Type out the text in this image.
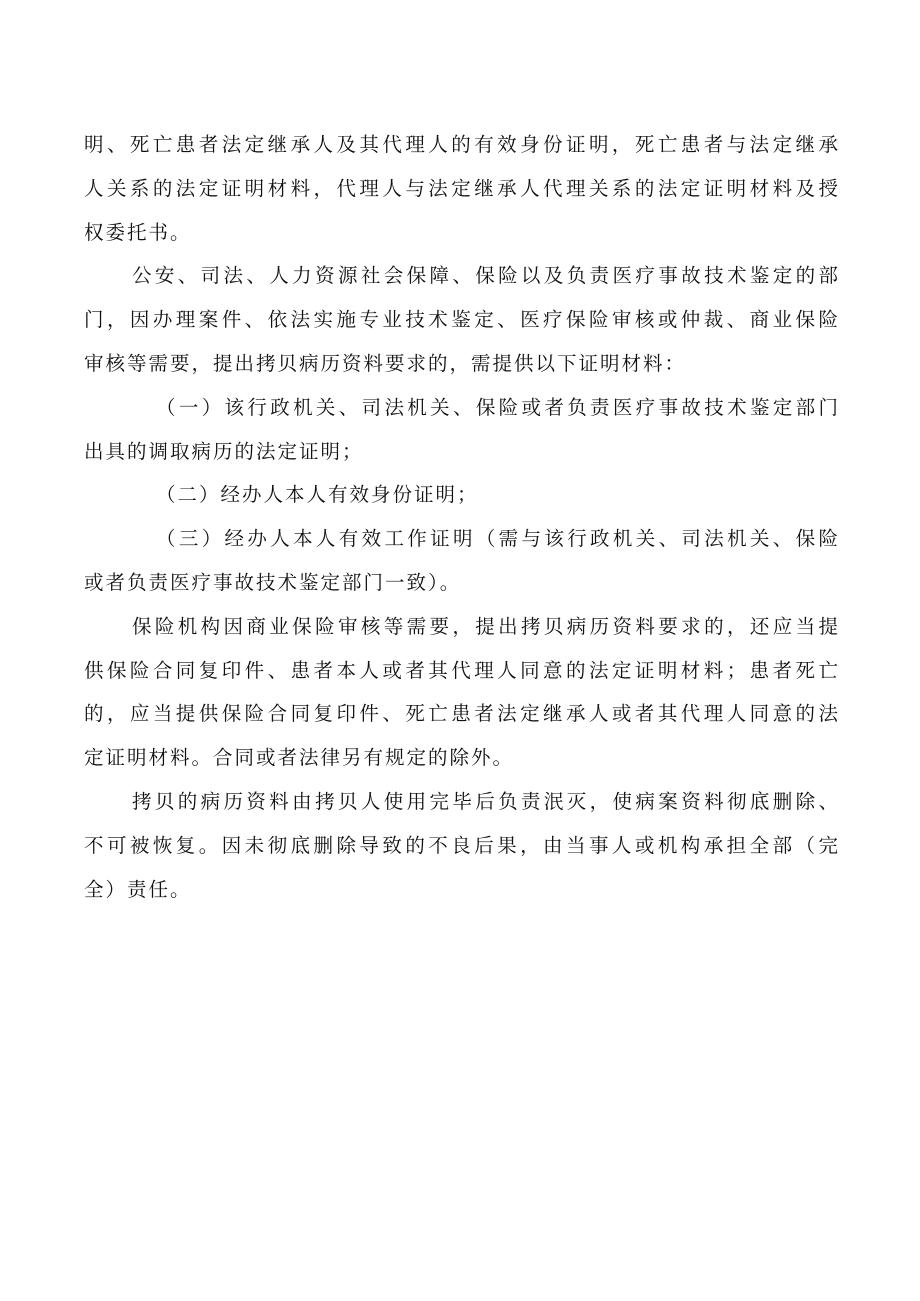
明、死亡患者法定继承人及其代理人的有效身份证明，死亡患者与法定继承
人关系的法定证明材料，代理人与法定继承人代理关系的法定证明材料及授
权委托书。
公安、司法、人力资源社会保障、保险以及负责医疗事故技术鉴定的部
门，因办理案件、依法实施专业技术鉴定、医疗保险审核或仲裁、商业保险
审核等需要，提出拷贝病历资料要求的，需提供以下证明材料：
（一）该行政机关、司法机关、保险或者负责医疗事故技术鉴定部门
出具的调取病历的法定证明；
（二）经办人本人有效身份证明；
（三）经办人本人有效工作证明（需与该行政机关、司法机关、保险
或者负责医疗事故技术鉴定部门一致）。
保险机构因商业保险审核等需要，提出拷贝病历资料要求的，还应当提
供保险合同复印件、患者本人或者其代理人同意的法定证明材料；患者死亡
的，应当提供保险合同复印件、死亡患者法定继承人或者其代理人同意的法
定证明材料。合同或者法律另有规定的除外。
拷贝的病历资料由拷贝人使用完毕后负责泯灭，使病案资料彻底删除、
不可被恢复。因未彻底删除导致的不良后果，由当事人或机构承担全部（完
全）责任。
